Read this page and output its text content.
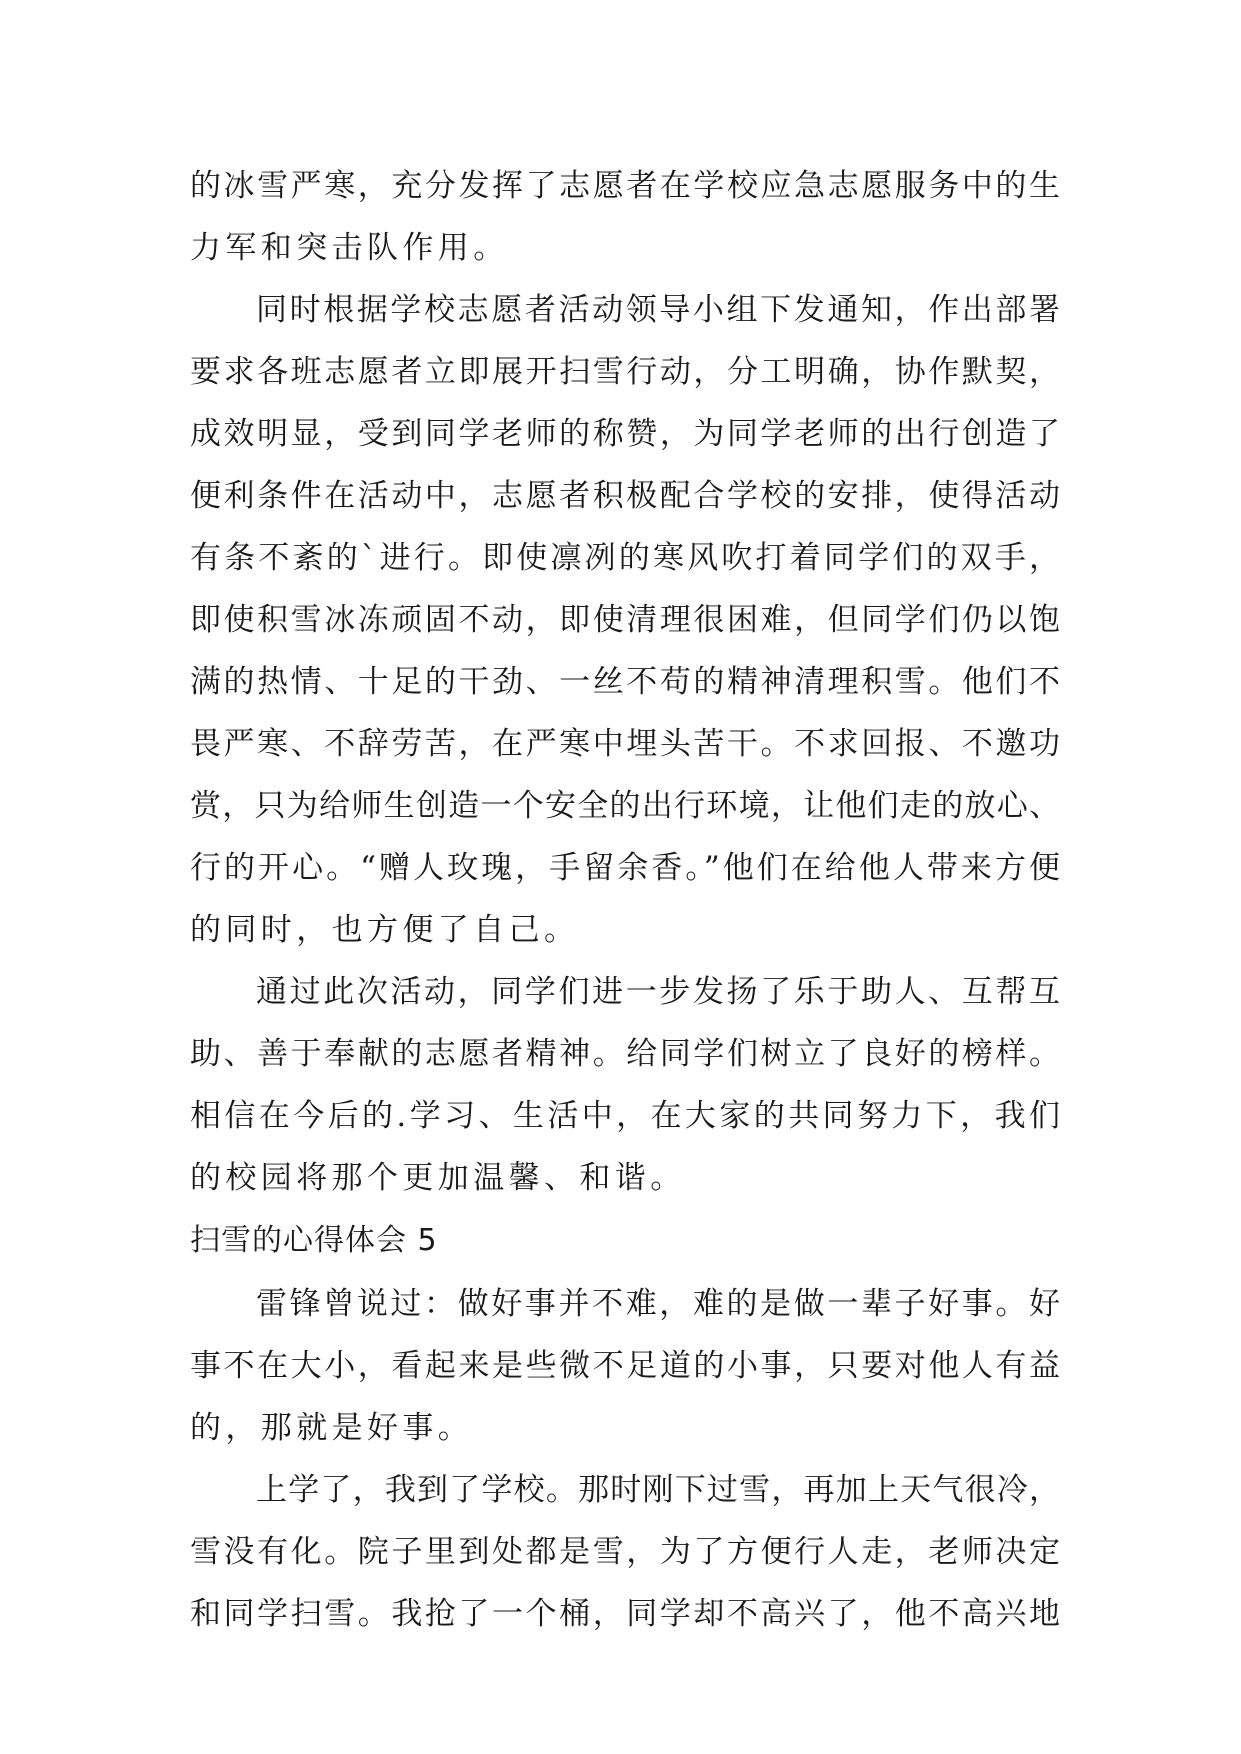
的冰雪严寒，充分发挥了志愿者在学校应急志愿服务中的生
力军和突击队作用。
同时根据学校志愿者活动领导小组下发通知，作出部署
要求各班志愿者立即展开扫雪行动，分工明确，协作默契，
成效明显，受到同学老师的称赞，为同学老师的出行创造了
便利条件在活动中，志愿者积极配合学校的安排，使得活动
有条不紊的`进行。即使凛冽的寒风吹打着同学们的双手，
即使积雪冰冻顽固不动，即使清理很困难，但同学们仍以饱
满的热情、十足的干劲、一丝不苟的精神清理积雪。他们不
畏严寒、不辞劳苦，在严寒中埋头苦干。不求回报、不邀功
赏，只为给师生创造一个安全的出行环境，让他们走的放心、
行的开心。“赠人玫瑰，手留余香。”他们在给他人带来方便
的同时，也方便了自己。
通过此次活动，同学们进一步发扬了乐于助人、互帮互
助、善于奉献的志愿者精神。给同学们树立了良好的榜样。
相信在今后的.学习、生活中，在大家的共同努力下，我们
的校园将那个更加温馨、和谐。
扫雪的心得体会 5
雷锋曾说过：做好事并不难，难的是做一辈子好事。好
事不在大小，看起来是些微不足道的小事，只要对他人有益
的，那就是好事。
上学了，我到了学校。那时刚下过雪，再加上天气很冷，
雪没有化。院子里到处都是雪，为了方便行人走，老师决定
和同学扫雪。我抢了一个桶，同学却不高兴了，他不高兴地
